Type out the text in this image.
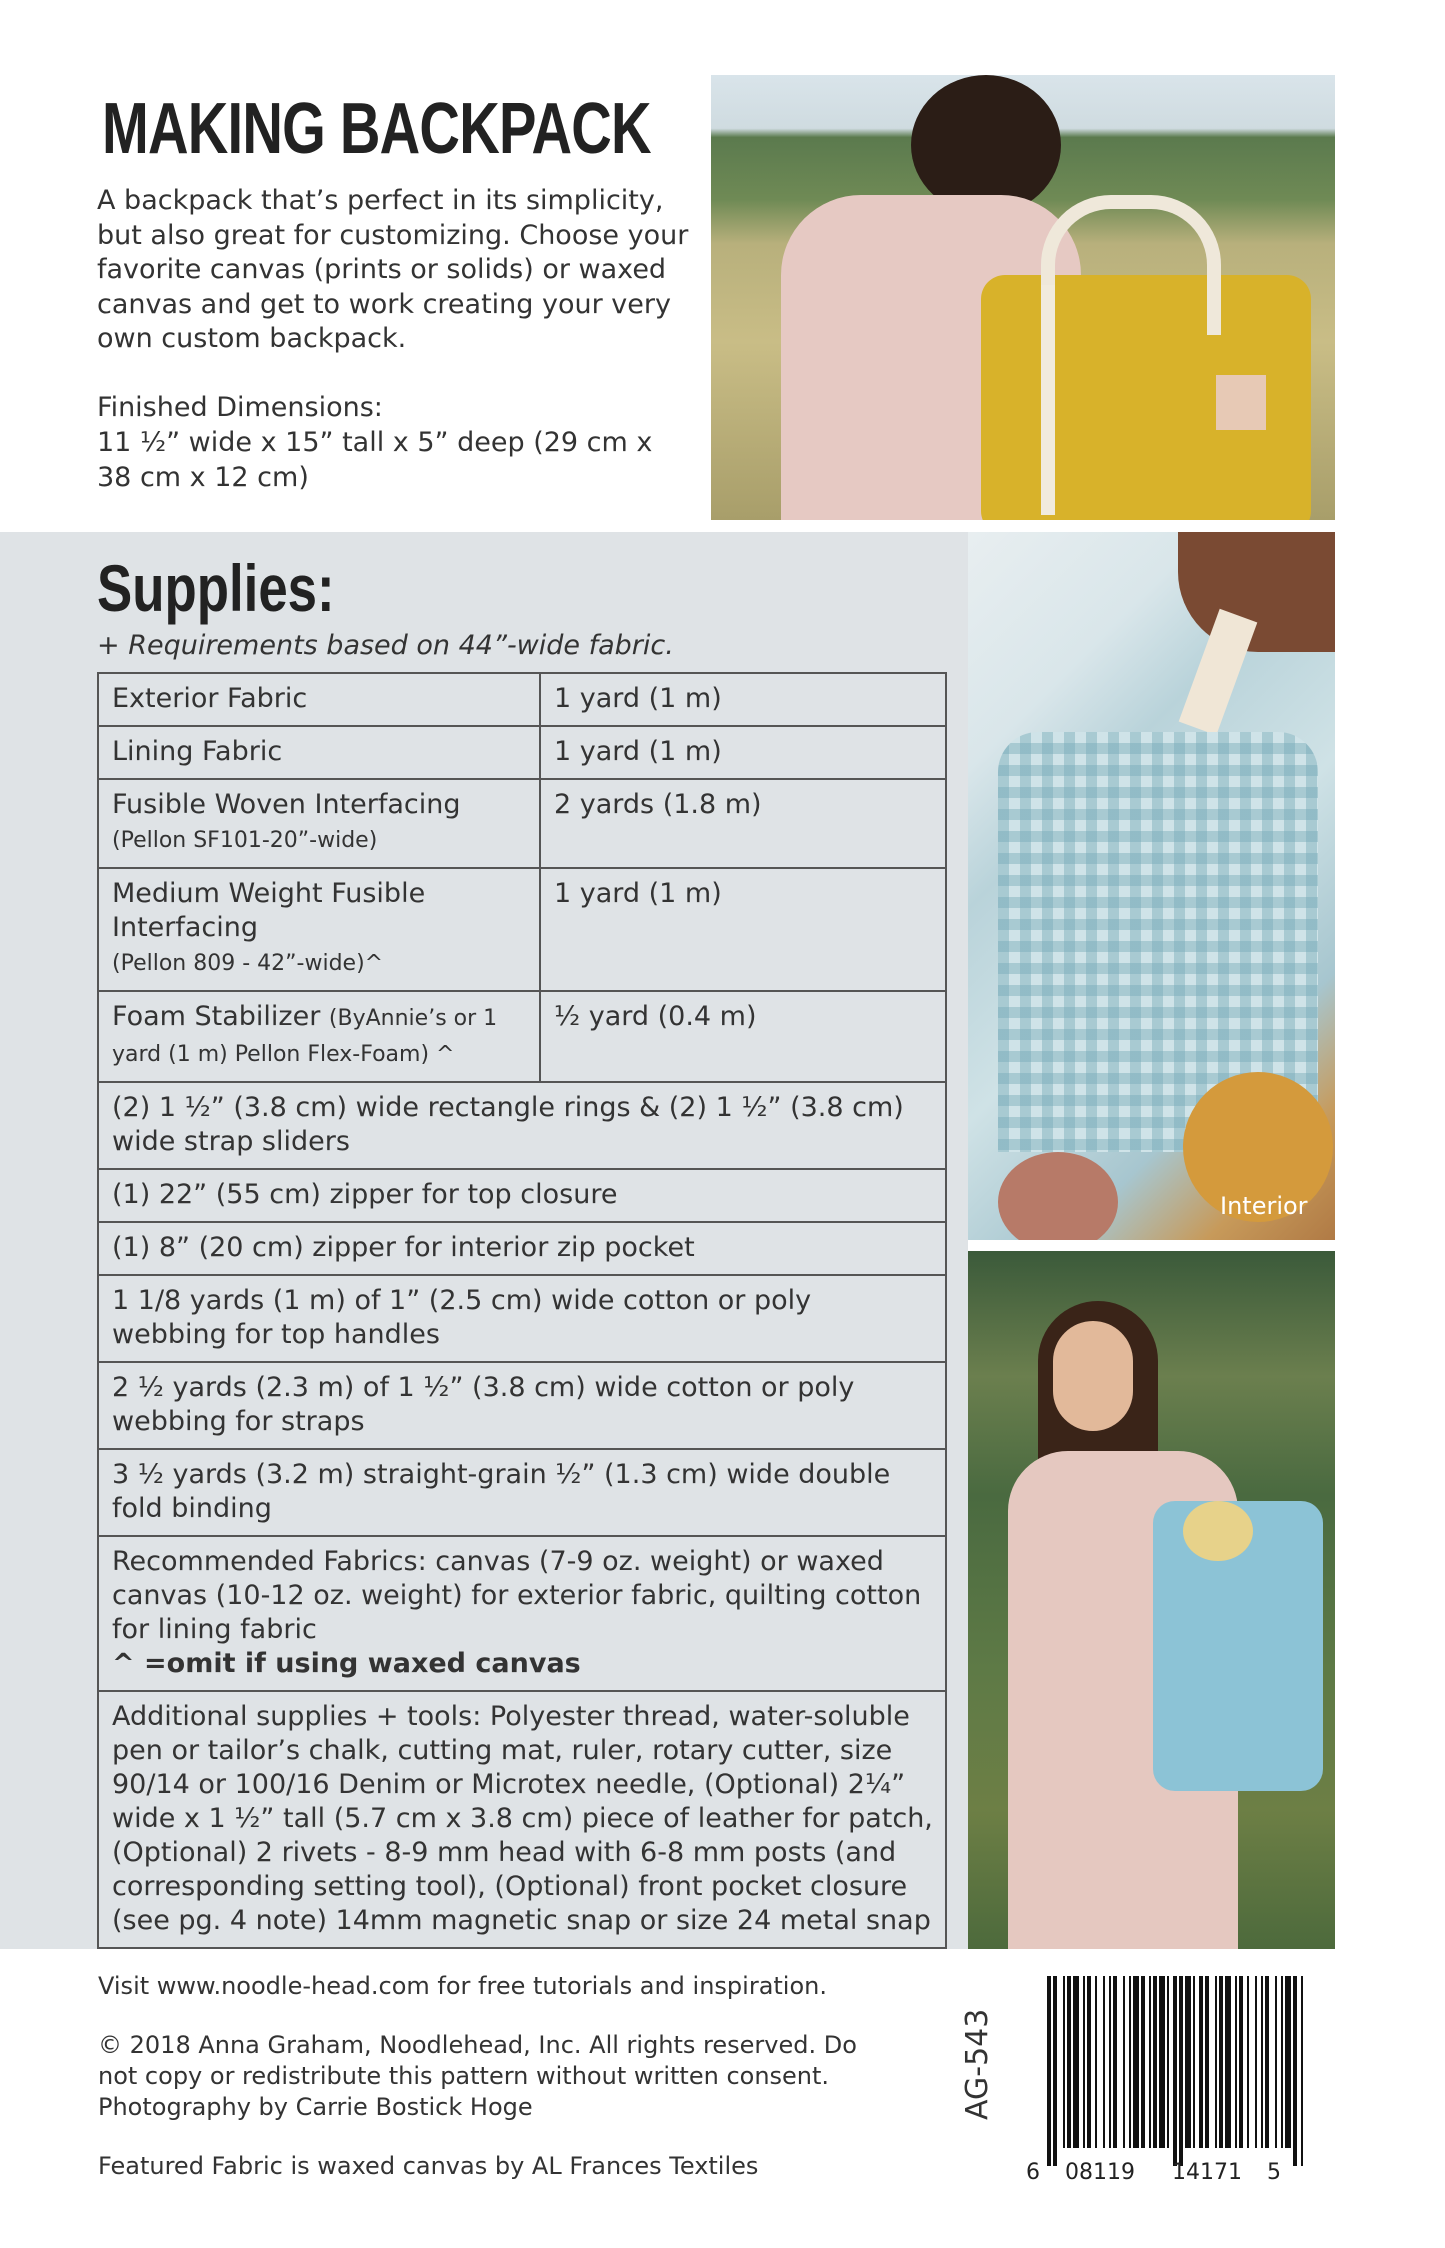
MAKING BACKPACK
A backpack that’s perfect in its simplicity, but also great for customizing. Choose your favorite canvas (prints or solids) or waxed canvas and get to work creating your very own custom backpack.
Finished Dimensions:
11 ½” wide x 15” tall x 5” deep (29 cm x 38 cm x 12 cm)
Supplies:
+ Requirements based on 44”-wide fabric.
Exterior Fabric	1 yard (1 m)
Lining Fabric	1 yard (1 m)
Fusible Woven Interfacing (Pellon SF101-20”-wide)	2 yards (1.8 m)
Medium Weight Fusible Interfacing
(Pellon 809 - 42”-wide)^	1 yard (1 m)
Foam Stabilizer (ByAnnie’s or 1 yard (1 m) Pellon Flex-Foam) ^	½ yard (0.4 m)
(2) 1 ½” (3.8 cm) wide rectangle rings & (2) 1 ½” (3.8 cm) wide strap sliders	
(1) 22” (55 cm) zipper for top closure	
(1) 8” (20 cm) zipper for interior zip pocket	
1 1/8 yards (1 m) of 1” (2.5 cm) wide cotton or poly webbing for top handles	
2 ½ yards (2.3 m) of 1 ½” (3.8 cm) wide cotton or poly webbing for straps	
3 ½ yards (3.2 m) straight-grain ½” (1.3 cm) wide double fold binding	
Recommended Fabrics: canvas (7-9 oz. weight) or waxed canvas (10-12 oz. weight) for exterior fabric, quilting cotton for lining fabric
^ =omit if using waxed canvas	
Additional supplies + tools: Polyester thread, water-soluble pen or tailor’s chalk, cutting mat, ruler, rotary cutter, size 90/14 or 100/16 Denim or Microtex needle, (Optional) 2¼” wide x 1 ½” tall (5.7 cm x 3.8 cm) piece of leather for patch, (Optional) 2 rivets - 8-9 mm head with 6-8 mm posts (and corresponding setting tool), (Optional) front pocket closure (see pg. 4 note) 14mm magnetic snap or size 24 metal snap	
Interior
Visit www.noodle-head.com for free tutorials and inspiration.
© 2018 Anna Graham, Noodlehead, Inc. All rights reserved. Do not copy or redistribute this pattern without written consent. Photography by Carrie Bostick Hoge
Featured Fabric is waxed canvas by AL Frances Textiles
AG-543
6 08119 14171 5
